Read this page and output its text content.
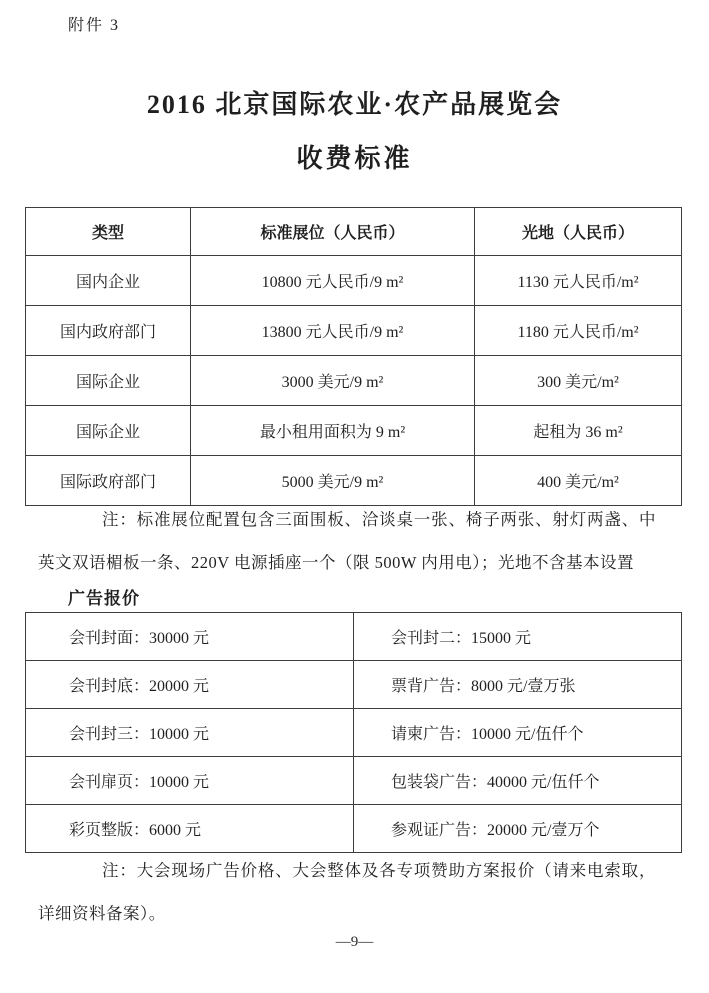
附件 3
2016 北京国际农业·农产品展览会
收费标准
类型	标准展位（人民币）	光地（人民币）
国内企业	10800 元人民币/9 m²	1130 元人民币/m²
国内政府部门	13800 元人民币/9 m²	1180 元人民币/m²
国际企业	3000 美元/9 m²	300 美元/m²
国际企业	最小租用面积为 9 m²	起租为 36 m²
国际政府部门	5000 美元/9 m²	400 美元/m²

注：标准展位配置包含三面围板、洽谈桌一张、椅子两张、射灯两盏、中英文双语楣板一条、220V 电源插座一个（限 500W 内用电）；光地不含基本设置

广告报价
会刊封面：30000 元	会刊封二：15000 元
会刊封底：20000 元	票背广告：8000 元/壹万张
会刊封三：10000 元	请柬广告：10000 元/伍仟个
会刊扉页：10000 元	包装袋广告：40000 元/伍仟个
彩页整版：6000 元	参观证广告：20000 元/壹万个

注：大会现场广告价格、大会整体及各专项赞助方案报价（请来电索取，详细资料备案）。

—9—
